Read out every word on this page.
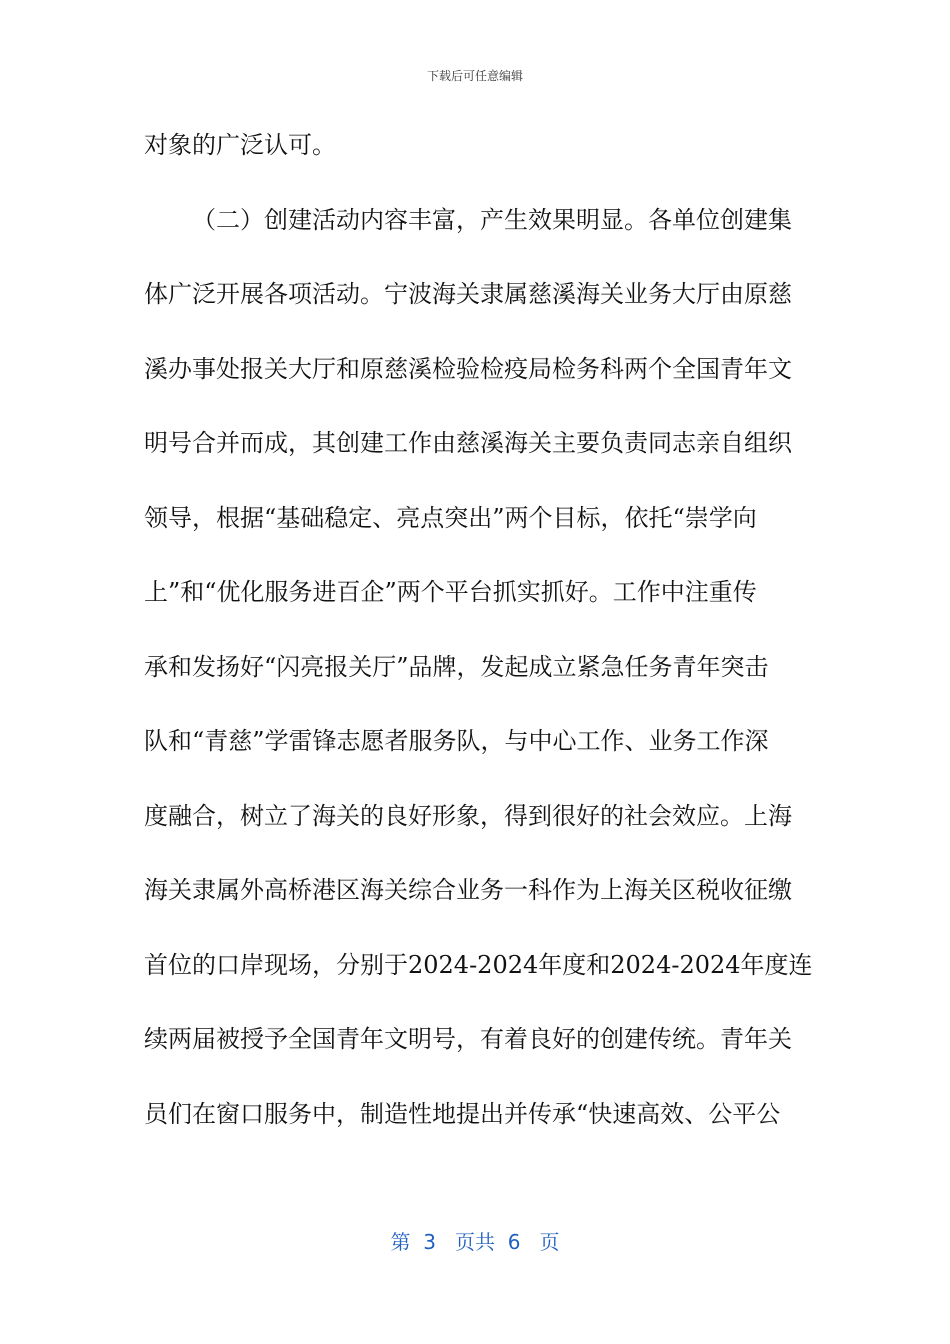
下载后可任意编辑
对象的广泛认可。
（二）创建活动内容丰富，产生效果明显。各单位创建集
体广泛开展各项活动。宁波海关隶属慈溪海关业务大厅由原慈
溪办事处报关大厅和原慈溪检验检疫局检务科两个全国青年文
明号合并而成，其创建工作由慈溪海关主要负责同志亲自组织
领导，根据“基础稳定、亮点突出”两个目标，依托“崇学向
上”和“优化服务进百企”两个平台抓实抓好。工作中注重传
承和发扬好“闪亮报关厅”品牌，发起成立紧急任务青年突击
队和“青慈”学雷锋志愿者服务队，与中心工作、业务工作深
度融合，树立了海关的良好形象，得到很好的社会效应。上海
海关隶属外高桥港区海关综合业务一科作为上海关区税收征缴
首位的口岸现场，分别于2024-2024年度和2024-2024年度连
续两届被授予全国青年文明号，有着良好的创建传统。青年关
员们在窗口服务中，制造性地提出并传承“快速高效、公平公
第  3   页共  6   页
